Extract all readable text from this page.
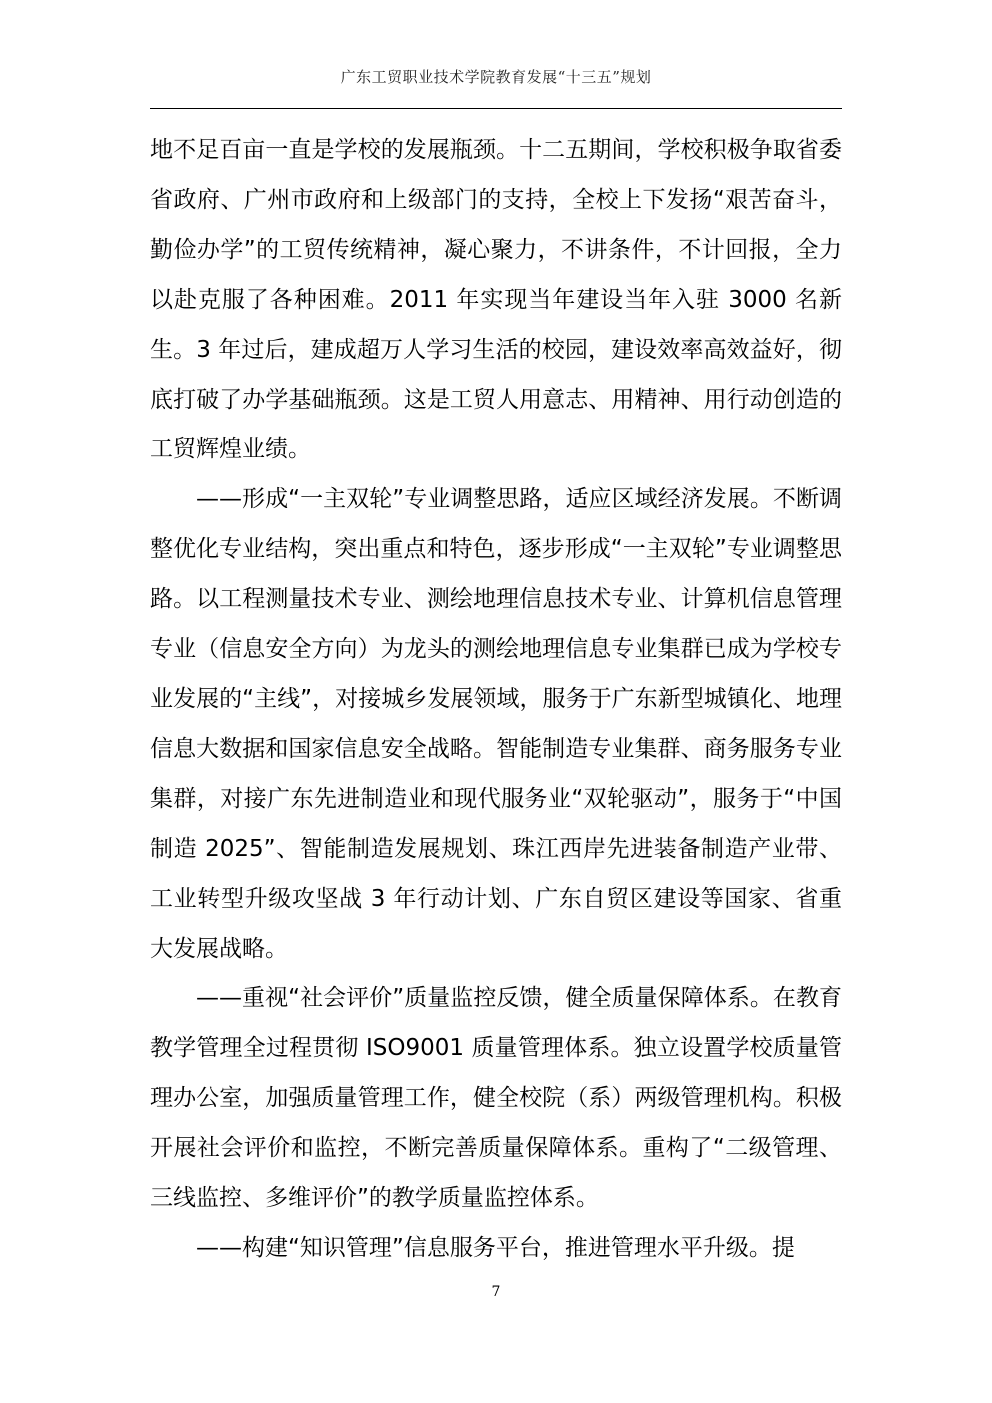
广东工贸职业技术学院教育发展“十三五”规划

地不足百亩一直是学校的发展瓶颈。十二五期间，学校积极争取省委省政府、广州市政府和上级部门的支持，全校上下发扬“艰苦奋斗，勤俭办学”的工贸传统精神，凝心聚力，不讲条件，不计回报，全力以赴克服了各种困难。2011 年实现当年建设当年入驻 3000 名新生。3 年过后，建成超万人学习生活的校园，建设效率高效益好，彻底打破了办学基础瓶颈。这是工贸人用意志、用精神、用行动创造的工贸辉煌业绩。

——形成“一主双轮”专业调整思路，适应区域经济发展。不断调整优化专业结构，突出重点和特色，逐步形成“一主双轮”专业调整思路。以工程测量技术专业、测绘地理信息技术专业、计算机信息管理专业（信息安全方向）为龙头的测绘地理信息专业集群已成为学校专业发展的“主线”，对接城乡发展领域，服务于广东新型城镇化、地理信息大数据和国家信息安全战略。智能制造专业集群、商务服务专业集群，对接广东先进制造业和现代服务业“双轮驱动”，服务于“中国制造 2025”、智能制造发展规划、珠江西岸先进装备制造产业带、工业转型升级攻坚战 3 年行动计划、广东自贸区建设等国家、省重大发展战略。

——重视“社会评价”质量监控反馈，健全质量保障体系。在教育教学管理全过程贯彻 ISO9001 质量管理体系。独立设置学校质量管理办公室，加强质量管理工作，健全校院（系）两级管理机构。积极开展社会评价和监控，不断完善质量保障体系。重构了“二级管理、三线监控、多维评价”的教学质量监控体系。

——构建“知识管理”信息服务平台，推进管理水平升级。提

7
